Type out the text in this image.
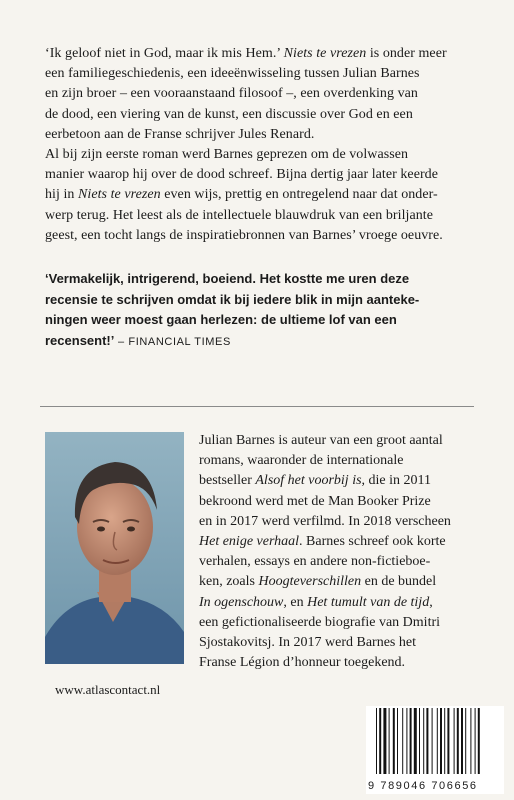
‘Ik geloof niet in God, maar ik mis Hem.’ Niets te vrezen is onder meer
een familiegeschiedenis, een ideeënwisseling tussen Julian Barnes
en zijn broer – een vooraanstaand filosoof –, een overdenking van
de dood, een viering van de kunst, een discussie over God en een
eerbetoon aan de Franse schrijver Jules Renard.

Al bij zijn eerste roman werd Barnes geprezen om de volwassen
manier waarop hij over de dood schreef. Bijna dertig jaar later keerde
hij in Niets te vrezen even wijs, prettig en ontregelend naar dat onder-
werp terug. Het leest als de intellectuele blauwdruk van een briljante
geest, een tocht langs de inspiratiebronnen van Barnes’ vroege oeuvre.

‘Vermakelijk, intrigerend, boeiend. Het kostte me uren deze
recensie te schrijven omdat ik bij iedere blik in mijn aanteke-
ningen weer moest gaan herlezen: de ultieme lof van een
recensent!’ – FINANCIAL TIMES
Julian Barnes is auteur van een groot aantal
romans, waaronder de internationale
bestseller Alsof het voorbij is, die in 2011
bekroond werd met de Man Booker Prize
en in 2017 werd verfilmd. In 2018 verscheen
Het enige verhaal. Barnes schreef ook korte
verhalen, essays en andere non-fictieboe-
ken, zoals Hoogteverschillen en de bundel
In ogenschouw, en Het tumult van de tijd,
een gefictionaliseerde biografie van Dmitri
Sjostakovitsj. In 2017 werd Barnes het
Franse Légion d’honneur toegekend.
www.atlascontact.nl
9 789046 706656
